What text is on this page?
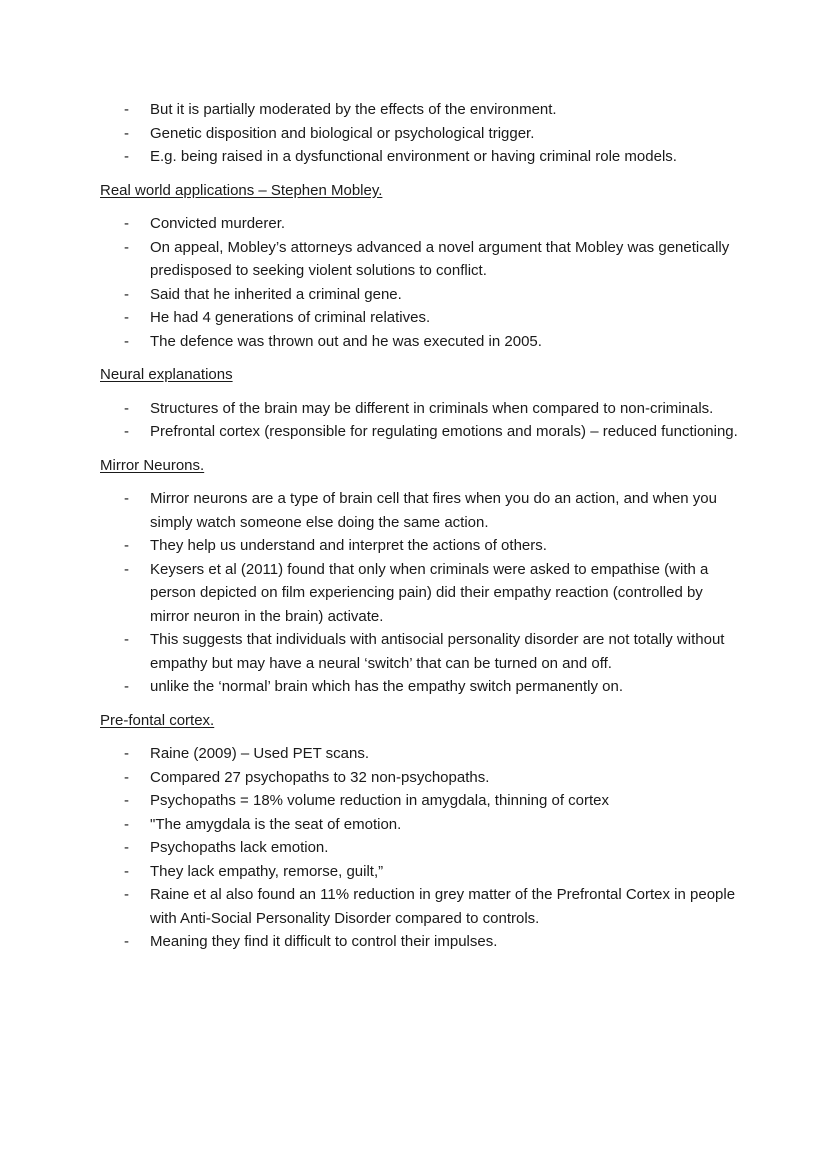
- But it is partially moderated by the effects of the environment.
- Genetic disposition and biological or psychological trigger.
- E.g. being raised in a dysfunctional environment or having criminal role models.
Real world applications – Stephen Mobley.
- Convicted murderer.
- On appeal, Mobley’s attorneys advanced a novel argument that Mobley was genetically predisposed to seeking violent solutions to conflict.
- Said that he inherited a criminal gene.
- He had 4 generations of criminal relatives.
- The defence was thrown out and he was executed in 2005.
Neural explanations
- Structures of the brain may be different in criminals when compared to non-criminals.
- Prefrontal cortex (responsible for regulating emotions and morals) – reduced functioning.
Mirror Neurons.
- Mirror neurons are a type of brain cell that fires when you do an action, and when you simply watch someone else doing the same action.
- They help us understand and interpret the actions of others.
- Keysers et al (2011) found that only when criminals were asked to empathise (with a person depicted on film experiencing pain) did their empathy reaction (controlled by mirror neuron in the brain) activate.
- This suggests that individuals with antisocial personality disorder are not totally without empathy but may have a neural ‘switch’ that can be turned on and off.
- unlike the ‘normal’ brain which has the empathy switch permanently on.
Pre-fontal cortex.
- Raine (2009) – Used PET scans.
- Compared 27 psychopaths to 32 non-psychopaths.
- Psychopaths = 18% volume reduction in amygdala, thinning of cortex
- "The amygdala is the seat of emotion.
- Psychopaths lack emotion.
- They lack empathy, remorse, guilt,”
- Raine et al also found an 11% reduction in grey matter of the Prefrontal Cortex in people with Anti-Social Personality Disorder compared to controls.
- Meaning they find it difficult to control their impulses.
